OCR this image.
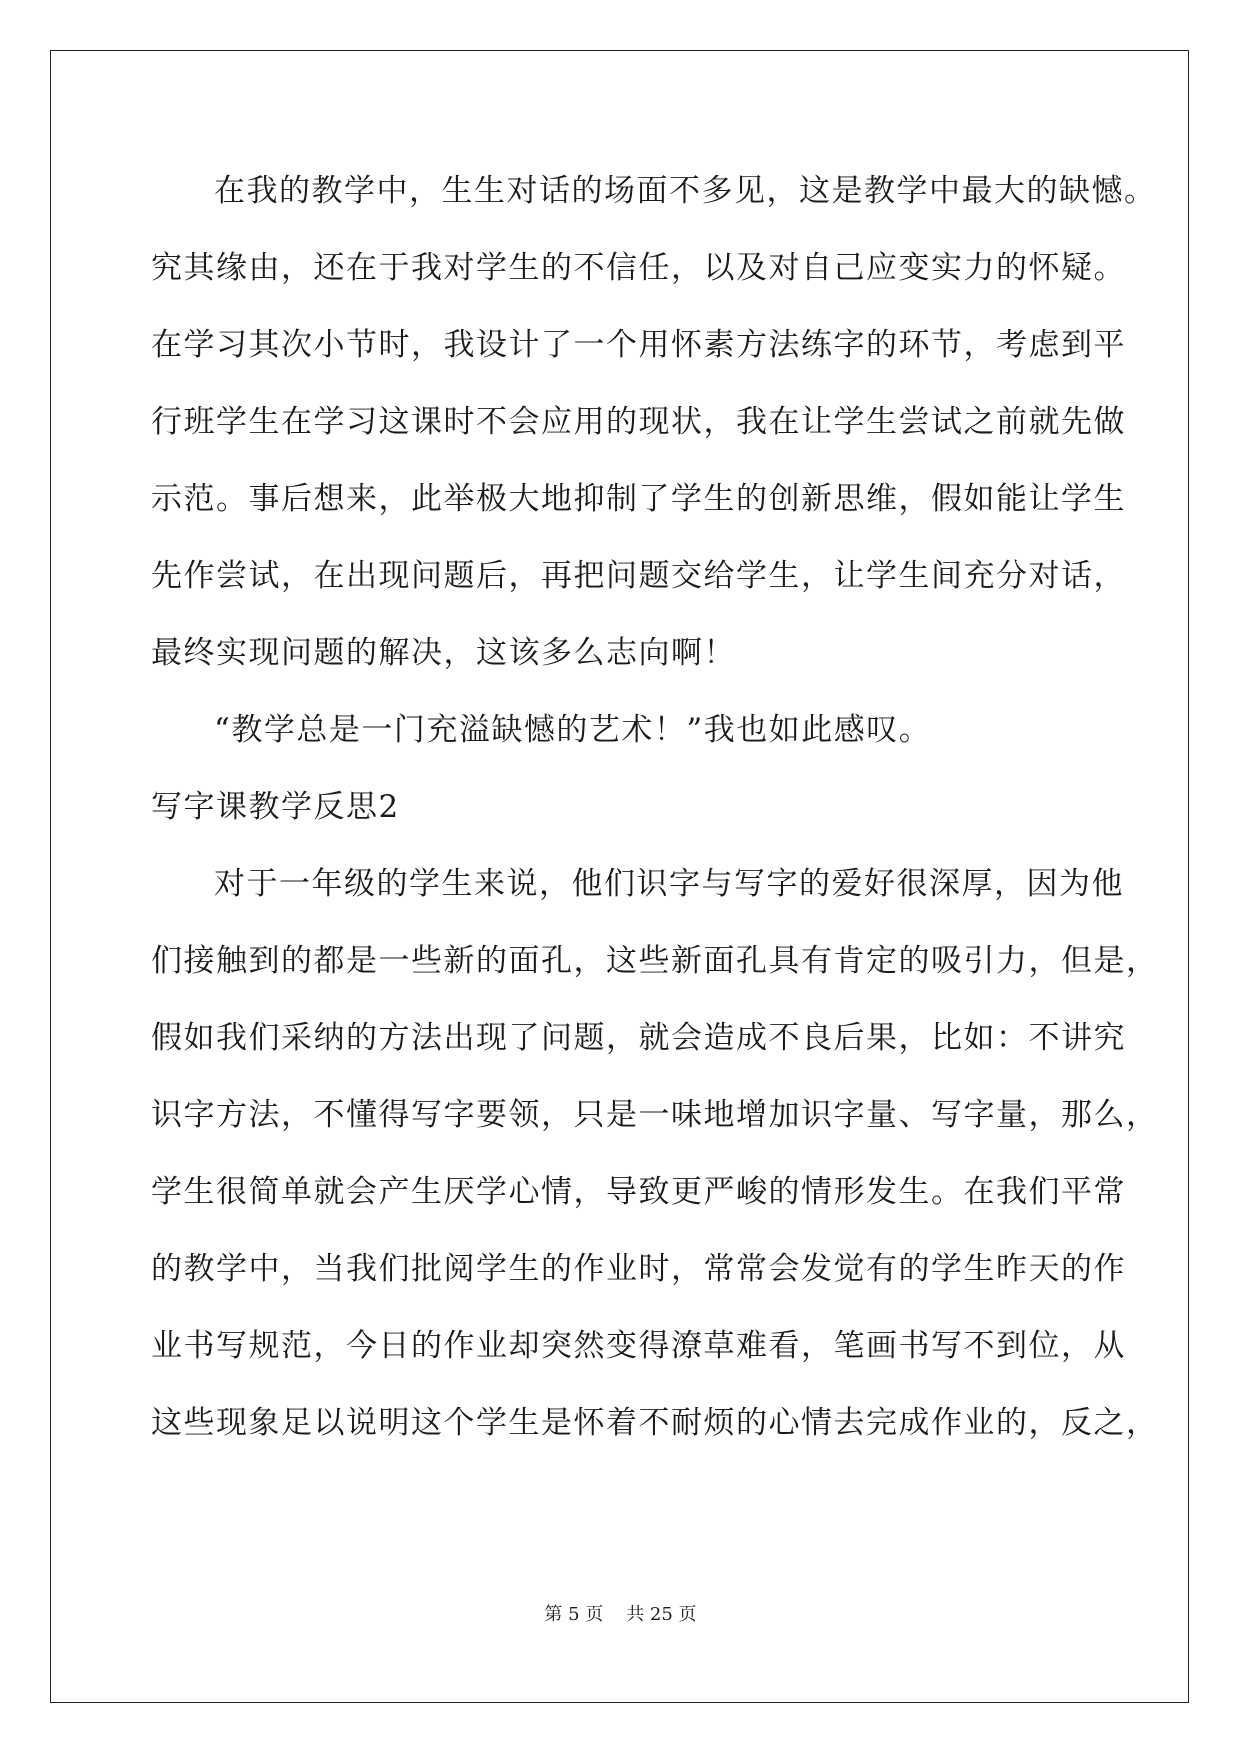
在我的教学中，生生对话的场面不多见，这是教学中最大的缺憾。
究其缘由，还在于我对学生的不信任，以及对自己应变实力的怀疑。
在学习其次小节时，我设计了一个用怀素方法练字的环节，考虑到平
行班学生在学习这课时不会应用的现状，我在让学生尝试之前就先做
示范。事后想来，此举极大地抑制了学生的创新思维，假如能让学生
先作尝试，在出现问题后，再把问题交给学生，让学生间充分对话，
最终实现问题的解决，这该多么志向啊！
“教学总是一门充溢缺憾的艺术！”我也如此感叹。
写字课教学反思2
对于一年级的学生来说，他们识字与写字的爱好很深厚，因为他
们接触到的都是一些新的面孔，这些新面孔具有肯定的吸引力，但是，
假如我们采纳的方法出现了问题，就会造成不良后果，比如：不讲究
识字方法，不懂得写字要领，只是一味地增加识字量、写字量，那么，
学生很简单就会产生厌学心情，导致更严峻的情形发生。在我们平常
的教学中，当我们批阅学生的作业时，常常会发觉有的学生昨天的作
业书写规范，今日的作业却突然变得潦草难看，笔画书写不到位，从
这些现象足以说明这个学生是怀着不耐烦的心情去完成作业的，反之，
第 5 页    共 25 页
